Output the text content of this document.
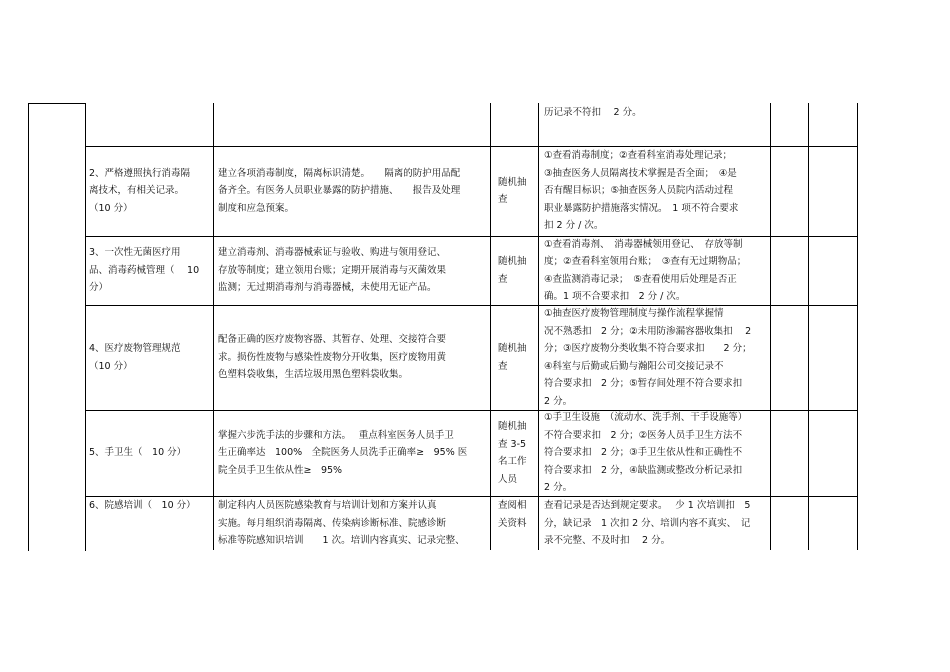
历记录不符扣　 2 分。
2、严格遵照执行消毒隔
离技术，有相关记录。
（10 分）
建立各项消毒制度，隔离标识清楚。　　隔离的防护用品配
备齐全。有医务人员职业暴露的防护措施、　　报告及处理
制度和应急预案。
随机抽
查
①查看消毒制度；②查看科室消毒处理记录；
③抽查医务人员隔离技术掌握是否全面；　④是
否有醒目标识；⑤抽查医务人员院内活动过程
职业暴露防护措施落实情况。　1 项不符合要求
扣 2 分 / 次。
3、一次性无菌医疗用
品、消毒药械管理（　 10
分）
建立消毒剂、消毒器械索证与验收、购进与领用登记、
存放等制度；建立领用台账；定期开展消毒与灭菌效果
监测；无过期消毒剂与消毒器械，未使用无证产品。
随机抽
查
①查看消毒剂、　消毒器械领用登记、　存放等制
度；②查看科室领用台账；　③查有无过期物品；
④查监测消毒记录；　⑤查看使用后处理是否正
确。1 项不合要求扣　2 分 / 次。
4、医疗废物管理规范
（10 分）
配备正确的医疗废物容器、其暂存、处理、交接符合要
求。损伤性废物与感染性废物分开收集，医疗废物用黄
色塑料袋收集，生活垃圾用黑色塑料袋收集。
随机抽
查
①抽查医疗废物管理制度与操作流程掌握情
况不熟悉扣　2 分；②未用防渗漏容器收集扣　 2
分；③医疗废物分类收集不符合要求扣　　2 分；
④科室与后勤或后勤与瀚阳公司交接记录不
符合要求扣　2 分；⑤暂存间处理不符合要求扣
2 分。
5、手卫生（　10 分）
掌握六步洗手法的步骤和方法。　 重点科室医务人员手卫
生正确率达　100%　全院医务人员洗手正确率≥　95% 医
院全员手卫生依从性≥　95%
随机抽
查 3-5
名工作
人员
①手卫生设施　（流动水、洗手剂、干手设施等）
不符合要求扣　2 分；②医务人员手卫生方法不
符合要求扣　2 分；③手卫生依从性和正确性不
符合要求扣　2 分，④缺监测或整改分析记录扣
2 分。
6、院感培训（　10 分）	制定科内人员医院感染教育与培训计划和方案并认真
实施。每月组织消毒隔离、传染病诊断标准、院感诊断
标准等院感知识培训　　1 次。培训内容真实、记录完整、
查阅相
关资料
查看记录是否达到规定要求。　 少 1 次培训扣　5
分，缺记录　1 次扣 2 分、培训内容不真实、　记
录不完整、不及时扣　 2 分。
